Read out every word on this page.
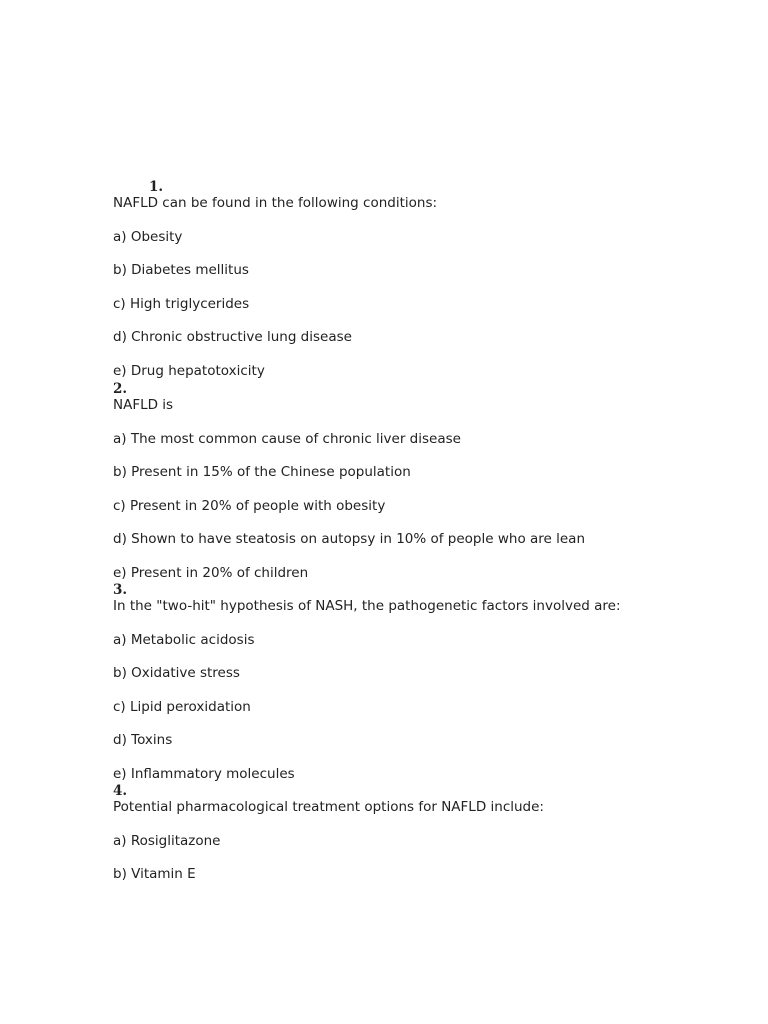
1.
NAFLD can be found in the following conditions:
a) Obesity
b) Diabetes mellitus
c) High triglycerides
d) Chronic obstructive lung disease
e) Drug hepatotoxicity
2.
NAFLD is
a) The most common cause of chronic liver disease
b) Present in 15% of the Chinese population
c) Present in 20% of people with obesity
d) Shown to have steatosis on autopsy in 10% of people who are lean
e) Present in 20% of children
3.
In the "two-hit" hypothesis of NASH, the pathogenetic factors involved are:
a) Metabolic acidosis
b) Oxidative stress
c) Lipid peroxidation
d) Toxins
e) Inflammatory molecules
4.
Potential pharmacological treatment options for NAFLD include:
a) Rosiglitazone
b) Vitamin E
